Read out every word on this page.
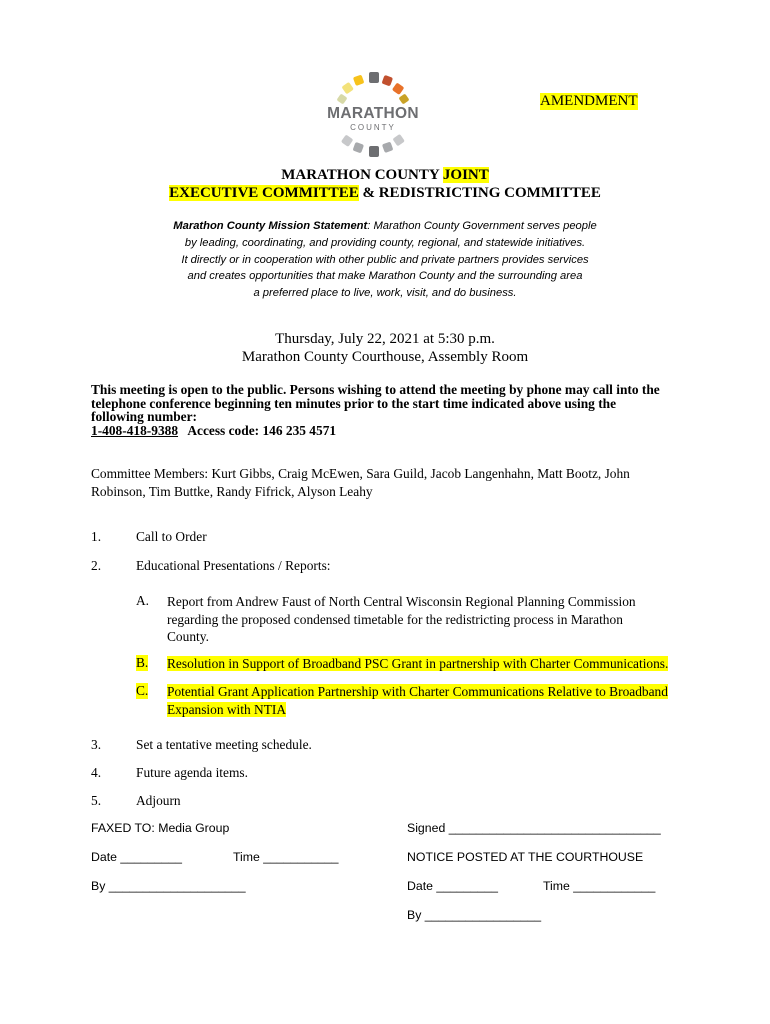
MARATHON
COUNTY
AMENDMENT
MARATHON COUNTY JOINT
EXECUTIVE COMMITTEE & REDISTRICTING COMMITTEE
Marathon County Mission Statement: Marathon County Government serves people
by leading, coordinating, and providing county, regional, and statewide initiatives.
It directly or in cooperation with other public and private partners provides services
and creates opportunities that make Marathon County and the surrounding area
a preferred place to live, work, visit, and do business.
Thursday, July 22, 2021 at 5:30 p.m.
Marathon County Courthouse, Assembly Room
This meeting is open to the public. Persons wishing to attend the meeting by phone may call into the
telephone conference beginning ten minutes prior to the start time indicated above using the
following number:
1-408-418-9388   Access code: 146 235 4571
Committee Members: Kurt Gibbs, Craig McEwen, Sara Guild, Jacob Langenhahn, Matt Bootz, John
Robinson, Tim Buttke, Randy Fifrick, Alyson Leahy
1.	Call to Order
2.	Educational Presentations / Reports:
A. Report from Andrew Faust of North Central Wisconsin Regional Planning Commission
regarding the proposed condensed timetable for the redistricting process in Marathon
County.
B. Resolution in Support of Broadband PSC Grant in partnership with Charter Communications.
C. Potential Grant Application Partnership with Charter Communications Relative to Broadband
Expansion with NTIA
3.	Set a tentative meeting schedule.
4.	Future agenda items.
5.	Adjourn
FAXED TO: Media Group	Signed _______________________________
Date _________	Time ___________	NOTICE POSTED AT THE COURTHOUSE
By ____________________	Date _________	Time ____________
By _________________
